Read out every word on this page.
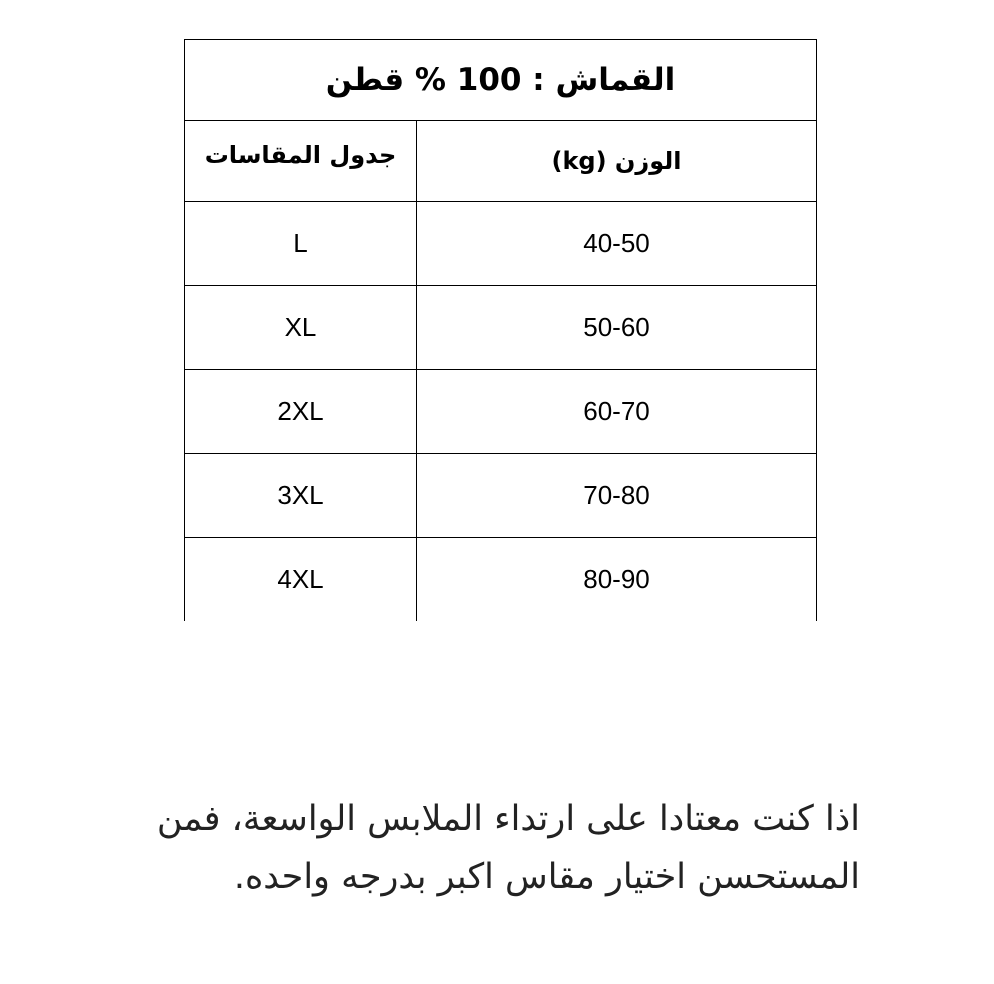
القماش : 100 % قطن	
جدول المقاسات	الوزن (kg)
L	40-50
XL	50-60
2XL	60-70
3XL	70-80
4XL	80-90
اذا كنت معتادا على ارتداء الملابس الواسعة، فمن المستحسن اختيار مقاس اكبر بدرجه واحده.
